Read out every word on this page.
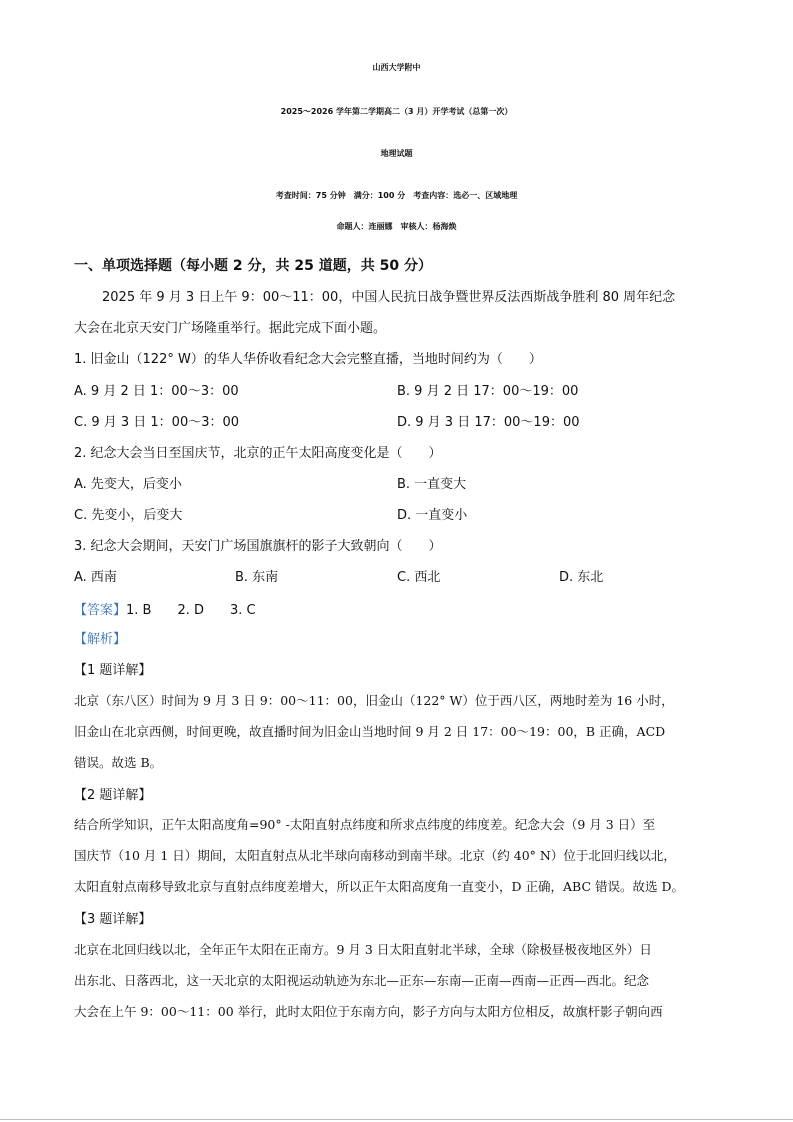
山西大学附中
2025～2026 学年第二学期高二（3 月）开学考试（总第一次）
地理试题
考查时间：75 分钟　满分：100 分　考查内容：选必一、区域地理
命题人：连丽娜　审核人：杨海焕
一、单项选择题（每小题 2 分，共 25 道题，共 50 分）
2025 年 9 月 3 日上午 9：00～11：00，中国人民抗日战争暨世界反法西斯战争胜利 80 周年纪念
大会在北京天安门广场隆重举行。据此完成下面小题。
1. 旧金山（122° W）的华人华侨收看纪念大会完整直播，当地时间约为（　　）
A. 9 月 2 日 1：00～3：00	B. 9 月 2 日 17：00～19：00
C. 9 月 3 日 1：00～3：00	D. 9 月 3 日 17：00～19：00
2. 纪念大会当日至国庆节，北京的正午太阳高度变化是（　　）
A. 先变大，后变小	B. 一直变大
C. 先变小，后变大	D. 一直变小
3. 纪念大会期间，天安门广场国旗旗杆的影子大致朝向（　　）
A. 西南	B. 东南	C. 西北	D. 东北
【答案】1. B　　2. D　　3. C
【解析】
【1 题详解】
北京（东八区）时间为 9 月 3 日 9：00～11：00，旧金山（122° W）位于西八区，两地时差为 16 小时，
旧金山在北京西侧，时间更晚，故直播时间为旧金山当地时间 9 月 2 日 17：00～19：00，B 正确，ACD
错误。故选 B。
【2 题详解】
结合所学知识，正午太阳高度角=90° -太阳直射点纬度和所求点纬度的纬度差。纪念大会（9 月 3 日）至
国庆节（10 月 1 日）期间，太阳直射点从北半球向南移动到南半球。北京（约 40° N）位于北回归线以北，
太阳直射点南移导致北京与直射点纬度差增大，所以正午太阳高度角一直变小，D 正确，ABC 错误。故选 D。
【3 题详解】
北京在北回归线以北，全年正午太阳在正南方。9 月 3 日太阳直射北半球，全球（除极昼极夜地区外）日
出东北、日落西北，这一天北京的太阳视运动轨迹为东北—正东—东南—正南—西南—正西—西北。纪念
大会在上午 9：00～11：00 举行，此时太阳位于东南方向，影子方向与太阳方位相反，故旗杆影子朝向西
